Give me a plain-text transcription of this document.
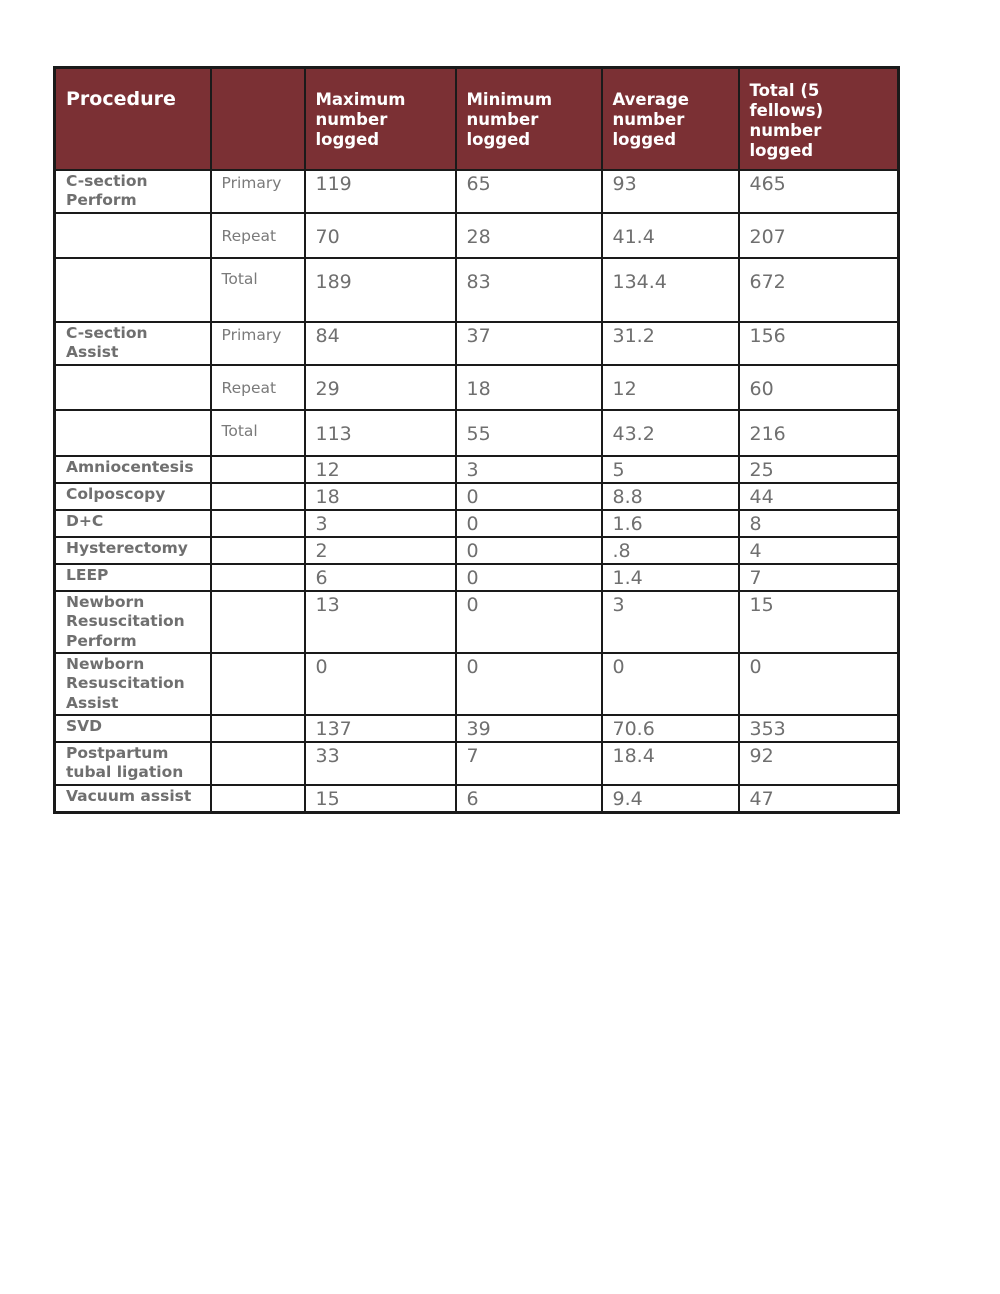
Procedure		Maximum number logged	Minimum number logged	Average number logged	Total (5 fellows) number logged
C-section Perform	Primary	119	65	93	465
	Repeat	70	28	41.4	207
	Total	189	83	134.4	672
C-section Assist	Primary	84	37	31.2	156
	Repeat	29	18	12	60
	Total	113	55	43.2	216
Amniocentesis		12	3	5	25
Colposcopy		18	0	8.8	44
D+C		3	0	1.6	8
Hysterectomy		2	0	.8	4
LEEP		6	0	1.4	7
Newborn Resuscitation Perform		13	0	3	15
Newborn Resuscitation Assist		0	0	0	0
SVD		137	39	70.6	353
Postpartum tubal ligation		33	7	18.4	92
Vacuum assist		15	6	9.4	47
